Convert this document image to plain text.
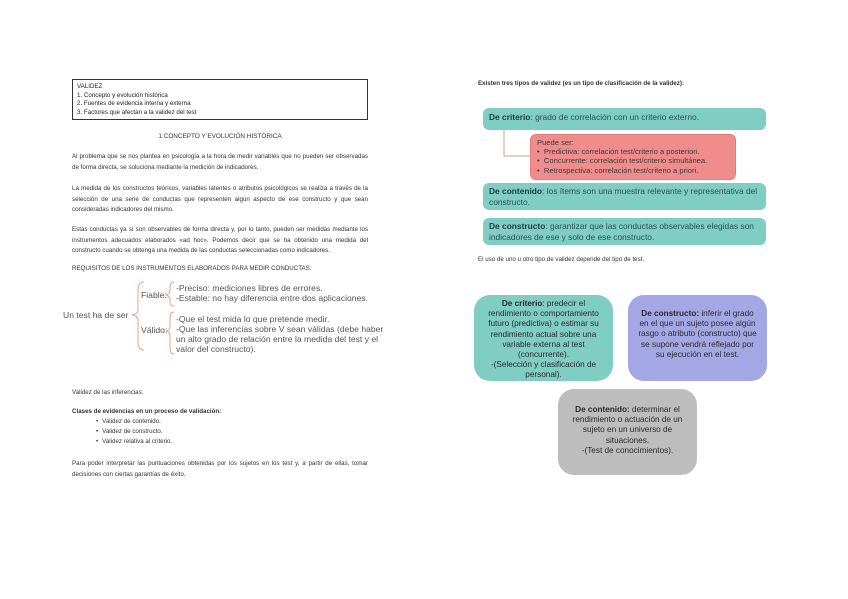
VALIDEZ
1. Concepto y evolución histórica
2. Fuentes de evidencia interna y externa
3. Factores que afectan a la validez del test
1.CONCEPTO Y EVOLUCIÓN HISTÓRICA
Al problema que se nos plantea en psicología a la hora de medir variables que no pueden ser observadas de forma directa, se soluciona mediante la medición de indicadores.
La medida de los constructos teóricos, variables latentes o atributos psicológicos se realiza a través de la selección de una serie de conductas que representen algún aspecto de ese constructo y que sean consideradas indicadores del mismo.
Estas conductas ya sí son observables de forma directa y, por lo tanto, pueden ser medidas mediante los instrumentos adecuados elaborados «ad hoc». Podemos decir que se ha obtenido una medida del constructo cuando se obtenga una medida de las conductas seleccionadas como indicadores.
REQUISITOS DE LOS INSTRUMENTOS ELABORADOS PARA MEDIR CONDUCTAS:
Un test ha de ser
Fiable:
-Preciso: mediciones libres de errores.
-Estable: no hay diferencia entre dos aplicaciones.
Válido:
-Que el test mida lo que pretende medir.
-Que las inferencias sobre V sean válidas (debe haber
un alto grado de relación entre la medida del test y el
valor del constructo).
Validez de las inferencias:
Clases de evidencias en un proceso de validación:
• Validez de contenido.
• Validez de constructo.
• Validez relativa al criterio.
Para poder interpretar las puntuaciones obtenidas por los sujetos en los test y, a partir de ellas, tomar decisiones con ciertas garantías de éxito.
Existen tres tipos de validez (es un tipo de clasificación de la validez):
De criterio: grado de correlación con un criterio externo.
Puede ser:
•  Predictiva: correlación test/criterio a posteriori.
•  Concurrente: correlación test/criterio simultánea.
•  Retrospectiva: correlación test/criterio a priori.
De contenido: los ítems son una muestra relevante y representativa del constructo.
De constructo: garantizar que las conductas observables elegidas son indicadores de ese y solo de ese constructo.
El uso de uno u otro tipo de validez depende del tipo de test.
De criterio: predecir el rendimiento o comportamiento futuro (predictiva) o estimar su rendimiento actual sobre una variable externa al test (concurrente).
-(Selección y clasificación de personal).
De constructo: inferir el grado en el que un sujeto posee algún rasgo o atributo (constructo) que se supone vendrá reflejado por su ejecución en el test.
De contenido: determinar el rendimiento o actuación de un sujeto en un universo de situaciones.
-(Test de conocimientos).
